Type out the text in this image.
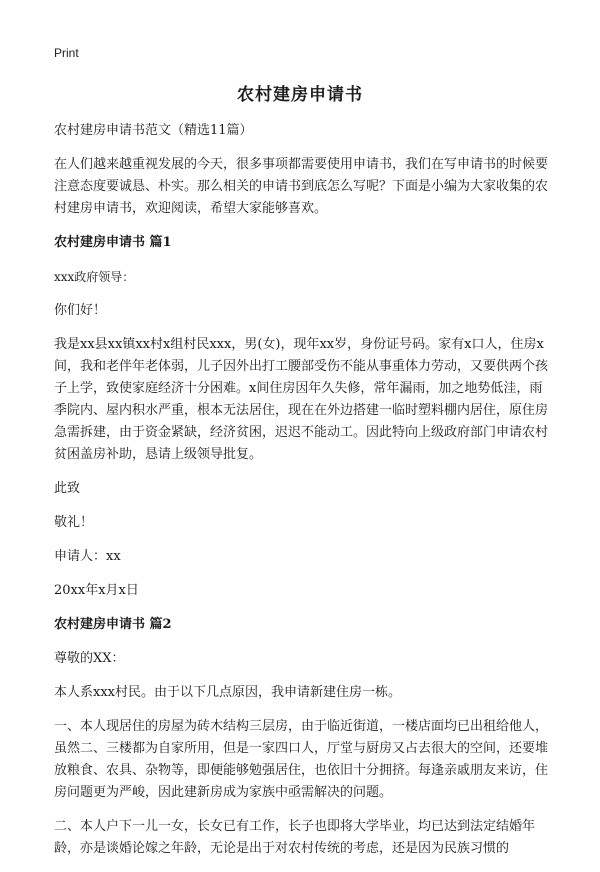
Print
农村建房申请书

农村建房申请书范文（精选11篇）

在人们越来越重视发展的今天，很多事项都需要使用申请书，我们在写申请书的时候要注意态度要诚恳、朴实。那么相关的申请书到底怎么写呢？下面是小编为大家收集的农村建房申请书，欢迎阅读，希望大家能够喜欢。

农村建房申请书 篇1

xxx政府领导：

你们好！

我是xx县xx镇xx村x组村民xxx，男(女)，现年xx岁，身份证号码。家有x口人，住房x间，我和老伴年老体弱，儿子因外出打工腰部受伤不能从事重体力劳动，又要供两个孩子上学，致使家庭经济十分困难。x间住房因年久失修，常年漏雨，加之地势低洼，雨季院内、屋内积水严重，根本无法居住，现在在外边搭建一临时塑料棚内居住，原住房急需拆建，由于资金紧缺，经济贫困，迟迟不能动工。因此特向上级政府部门申请农村贫困盖房补助，恳请上级领导批复。

此致

敬礼！

申请人：xx

20xx年x月x日

农村建房申请书 篇2

尊敬的XX：

本人系xxx村民。由于以下几点原因，我申请新建住房一栋。

一、本人现居住的房屋为砖木结构三层房，由于临近街道，一楼店面均已出租给他人，虽然二、三楼都为自家所用，但是一家四口人，厅堂与厨房又占去很大的空间，还要堆放粮食、农具、杂物等，即便能够勉强居住，也依旧十分拥挤。每逢亲戚朋友来访，住房问题更为严峻，因此建新房成为家族中亟需解决的问题。

二、本人户下一儿一女，长女已有工作，长子也即将大学毕业，均已达到法定结婚年龄，亦是谈婚论嫁之年龄，无论是出于对农村传统的考虑，还是因为民族习惯的
